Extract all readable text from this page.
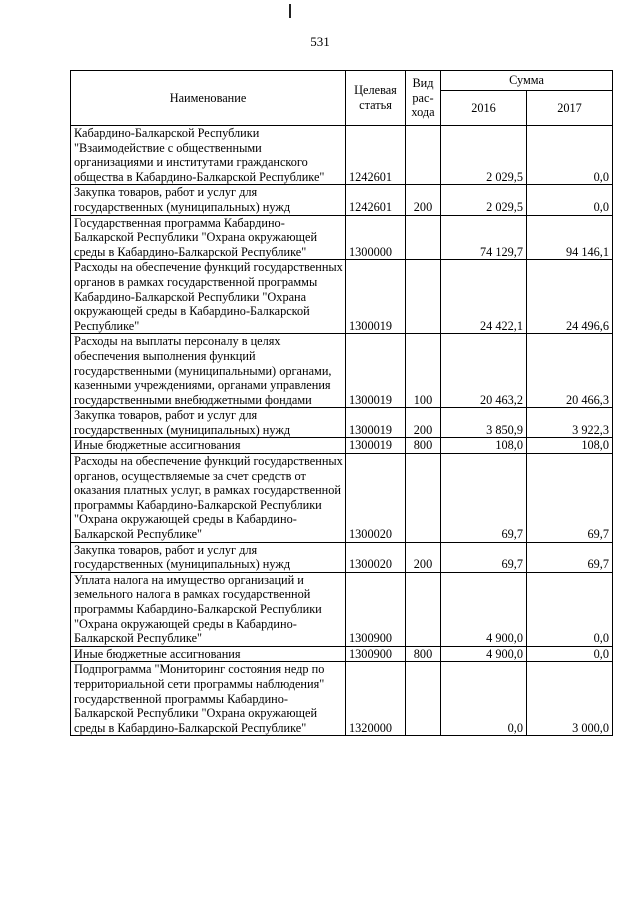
531
Наименование	Целевая статья	Вид рас- хода	Сумма	
			2016	2017
Кабардино-Балкарской Республики "Взаимодействие с общественными организациями и институтами гражданского общества в Кабардино-Балкарской Республике"	1242601		2 029,5	0,0
Закупка товаров, работ и услуг для государственных (муниципальных) нужд	1242601	200	2 029,5	0,0
Государственная программа Кабардино-Балкарской Республики "Охрана окружающей среды в Кабардино-Балкарской Республике"	1300000		74 129,7	94 146,1
Расходы на обеспечение функций государственных органов в рамках государственной программы Кабардино-Балкарской Республики "Охрана окружающей среды в Кабардино-Балкарской Республике"	1300019		24 422,1	24 496,6
Расходы на выплаты персоналу в целях обеспечения выполнения функций государственными (муниципальными) органами, казенными учреждениями, органами управления государственными внебюджетными фондами	1300019	100	20 463,2	20 466,3
Закупка товаров, работ и услуг для государственных (муниципальных) нужд	1300019	200	3 850,9	3 922,3
Иные бюджетные ассигнования	1300019	800	108,0	108,0
Расходы на обеспечение функций государственных органов, осуществляемые за счет средств от оказания платных услуг, в рамках государственной программы Кабардино-Балкарской Республики "Охрана окружающей среды в Кабардино-Балкарской Республике"	1300020		69,7	69,7
Закупка товаров, работ и услуг для государственных (муниципальных) нужд	1300020	200	69,7	69,7
Уплата налога на имущество организаций и земельного налога в рамках государственной программы Кабардино-Балкарской Республики "Охрана окружающей среды в Кабардино-Балкарской Республике"	1300900		4 900,0	0,0
Иные бюджетные ассигнования	1300900	800	4 900,0	0,0
Подпрограмма "Мониторинг состояния недр по территориальной сети программы наблюдения" государственной программы Кабардино-Балкарской Республики "Охрана окружающей среды в Кабардино-Балкарской Республике"	1320000		0,0	3 000,0
